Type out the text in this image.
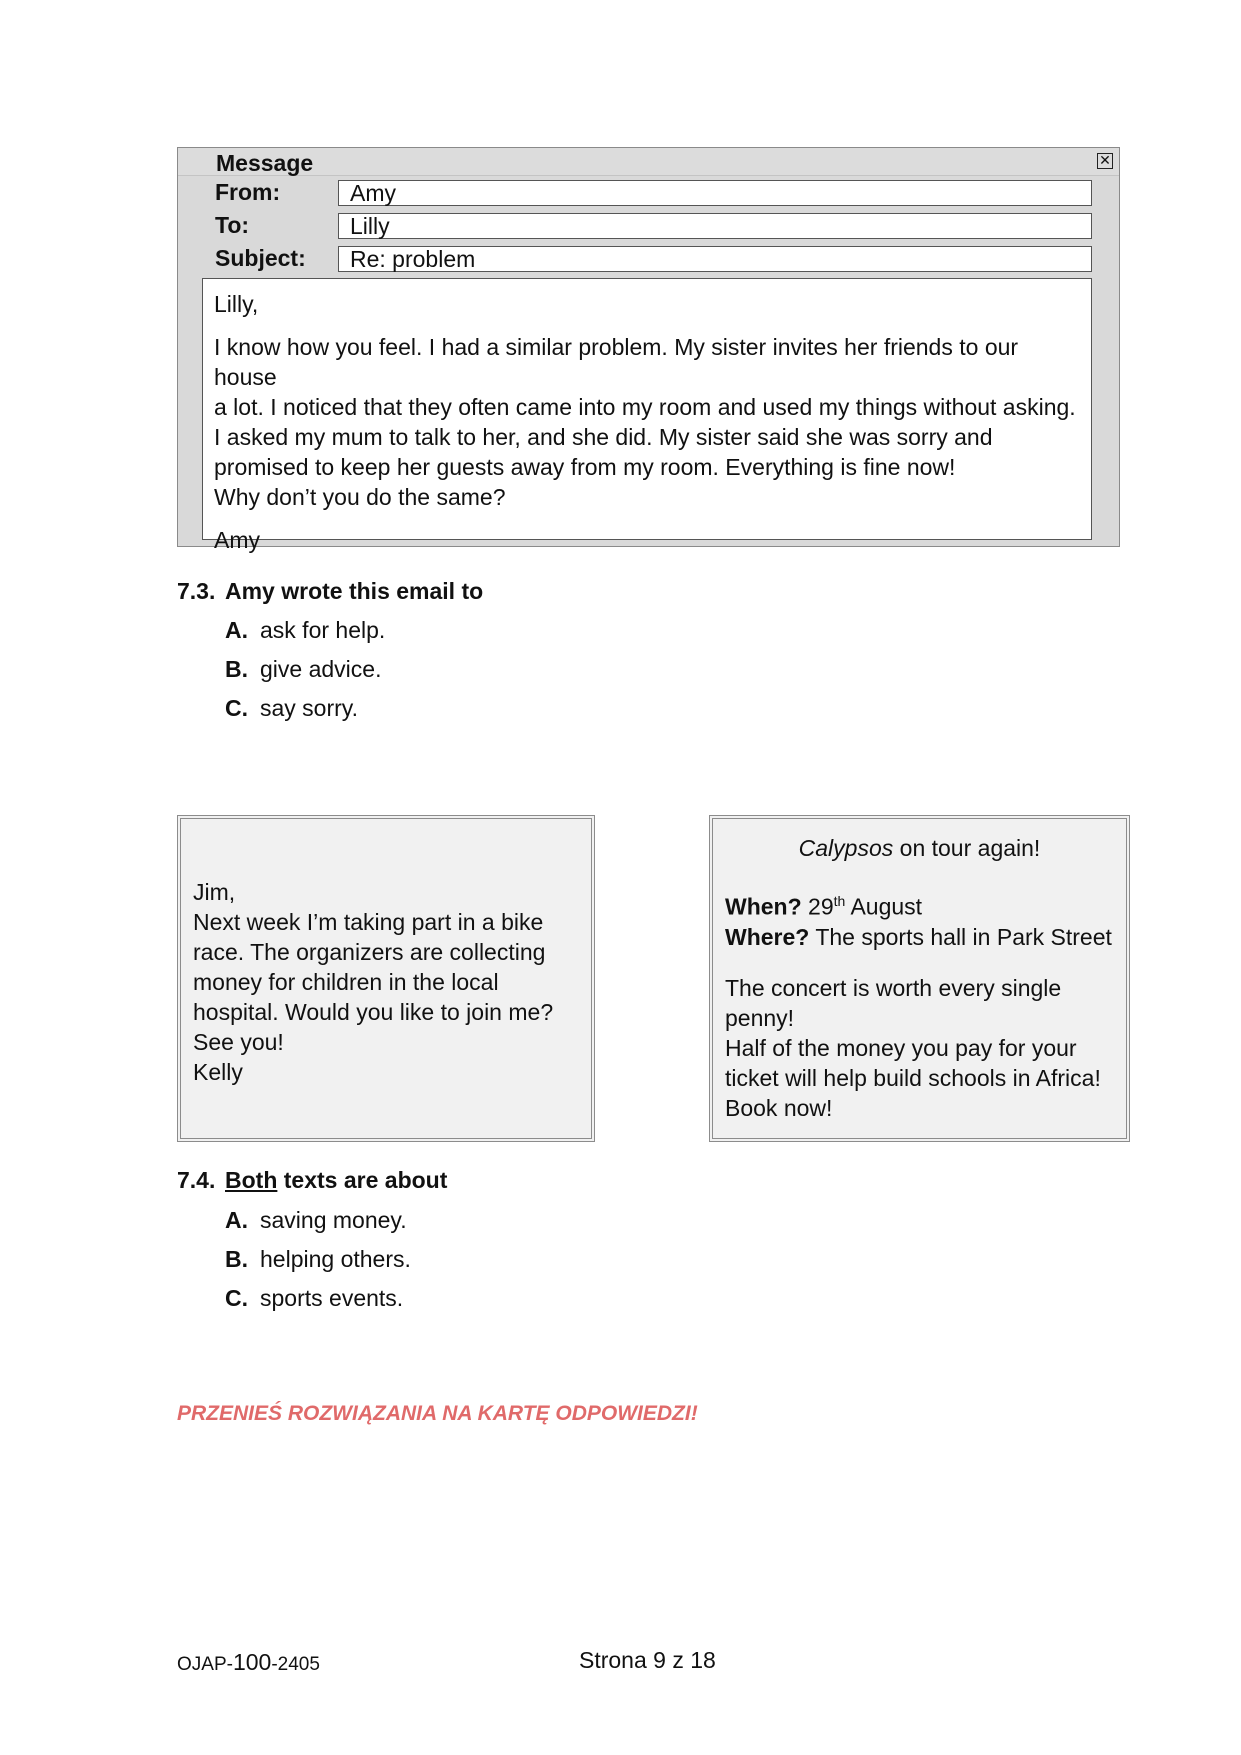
Message	✕
From:	Amy
To:	Lilly
Subject:	Re: problem

Lilly,

I know how you feel. I had a similar problem. My sister invites her friends to our house

a lot. I noticed that they often came into my room and used my things without asking.

I asked my mum to talk to her, and she did. My sister said she was sorry and

promised to keep her guests away from my room. Everything is fine now!

Why don’t you do the same?

Amy

7.3. Amy wrote this email to
A. ask for help.
B. give advice.
C. say sorry.

Jim,

Next week I’m taking part in a bike

race. The organizers are collecting

money for children in the local

hospital. Would you like to join me?

See you!

Kelly

Calypsos on tour again!

When? 29th August

Where? The sports hall in Park Street

The concert is worth every single

penny!

Half of the money you pay for your

ticket will help build schools in Africa!

Book now!

7.4. Both texts are about
A. saving money.
B. helping others.
C. sports events.
PRZENIEŚ ROZWIĄZANIA NA KARTĘ ODPOWIEDZI!
OJAP-100-2405	Strona 9 z 18
